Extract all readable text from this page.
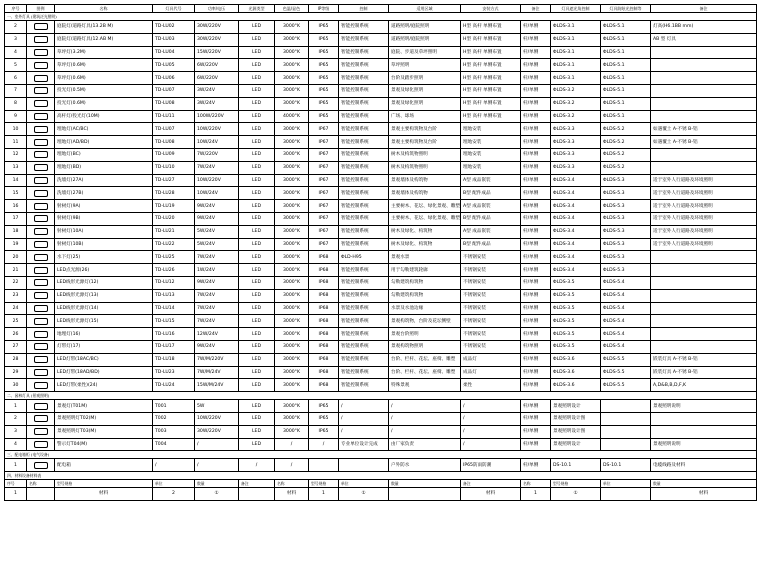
序号	图例	名称	灯具代号	功率/电压	光源类型	色温/显色	IP等级	控制	适用区域	安装方式	备注	灯具遮光角控制	灯具防眩光控制等	备注
一、室外灯具 (建筑泛光照明)														
2		庭院灯/道路灯具(13.2B M)	TD-LU02	30W/220V	LED	3000°K	IP65	智能控制系统	道路照明/庭院照明	H型 高杆 单侧布置	杆/单侧	ΦLDS-3.1	ΦLDS-5.1	灯高(H6.1BB mm)
3		庭院灯/道路灯具(12.AB M)	TD-LU03	30W/220V	LED	3000°K	IP65	智能控制系统	道路照明/庭院照明	H型 高杆 单侧布置	杆/单侧	ΦLDS-3.1	ΦLDS-5.1	AB 型 灯具
4		草坪灯(3.2M)	TD-LU04	15W/220V	LED	3000°K	IP65	智能控制系统	庭院、步道及草坪照明	H型 高杆 单侧布置	杆/单侧	ΦLDS-3.1	ΦLDS-5.1	
5		草坪灯(0.6M)	TD-LU05	6W/220V	LED	3000°K	IP65	智能控制系统	草坪照明	H型 高杆 单侧布置	杆/单侧	ΦLDS-3.1	ΦLDS-5.1	
6		草坪灯(0.6M)	TD-LU06	6W/220V	LED	3000°K	IP65	智能控制系统	台阶及踏步照明	H型 高杆 单侧布置	杆/单侧	ΦLDS-3.1	ΦLDS-5.1	
7		投光灯(0.5M)	TD-LU07	3W/24V	LED	3000°K	IP65	智能控制系统	景观及绿化照明	H型 高杆 单侧布置	杆/单侧	ΦLDS-3.2	ΦLDS-5.1	
8		投光灯(0.6M)	TD-LU08	3W/24V	LED	3000°K	IP65	智能控制系统	景观及绿化照明	H型 高杆 单侧布置	杆/单侧	ΦLDS-3.2	ΦLDS-5.1	
9		高杆灯/投光灯(10M)	TD-LU11	100W/220V	LED	4000°K	IP65	智能控制系统	广场、球场	H型 高杆 单侧布置	杆/单侧	ΦLDS-3.2	ΦLDS-5.1	
10		埋地灯(AC/BC)	TD-LU07	10W/220V	LED	3000°K	IP67	智能控制系统	景观主要构筑物及台阶	埋地安装	杆/单侧	ΦLDS-3.3	ΦLDS-5.2	如遇覆土 A-不锈 B-铝
11		埋地灯(AD/BD)	TD-LU08	10W/24V	LED	3000°K	IP67	智能控制系统	景观主要构筑物及台阶	埋地安装	杆/单侧	ΦLDS-3.3	ΦLDS-5.2	如遇覆土 A-不锈 B-铝
12		埋地灯(BC)	TD-LU09	7W/220V	LED	3000°K	IP67	智能控制系统	树木及构筑物照明	埋地安装	杆/单侧	ΦLDS-3.3	ΦLDS-5.2	
13		埋地灯(BD)	TD-LU10	7W/24V	LED	3000°K	IP67	智能控制系统	树木及构筑物照明	埋地安装	杆/单侧	ΦLDS-3.3	ΦLDS-5.2	
14		洗墙灯(27A)	TD-LU27	10W/220V	LED	3000°K	IP67	智能控制系统	景观墙体及构筑物	A型 成品嵌装	杆/单侧	ΦLDS-3.4	ΦLDS-5.3	适于室外人行道路及环境照明
15		洗墙灯(27B)	TD-LU28	10W/24V	LED	3000°K	IP67	智能控制系统	景观墙体及构筑物	B型 配件成品	杆/单侧	ΦLDS-3.4	ΦLDS-5.3	适于室外人行道路及环境照明
16		射树灯(9A)	TD-LU19	9W/24V	LED	3000°K	IP67	智能控制系统	主要树木、花坛、绿化景观、雕塑	A型 成品嵌装	杆/单侧	ΦLDS-3.4	ΦLDS-5.3	适于室外人行道路及环境照明
17		射树灯(9B)	TD-LU20	9W/24V	LED	3000°K	IP67	智能控制系统	主要树木、花坛、绿化景观、雕塑	B型 配件成品	杆/单侧	ΦLDS-3.4	ΦLDS-5.3	适于室外人行道路及环境照明
18		射树灯(10A)	TD-LU21	5W/24V	LED	3000°K	IP67	智能控制系统	树木及绿化、构筑物	A型 成品嵌装	杆/单侧	ΦLDS-3.4	ΦLDS-5.3	适于室外人行道路及环境照明
19		射树灯(10B)	TD-LU22	5W/24V	LED	3000°K	IP67	智能控制系统	树木及绿化、构筑物	B型 配件成品	杆/单侧	ΦLDS-3.4	ΦLDS-5.3	适于室外人行道路及环境照明
20		水下灯(25)	TD-LU25	7W/24V	LED	3000°K	IP68	ΦLD-H95	景观水景	不锈钢安装	杆/单侧	ΦLDS-3.4	ΦLDS-5.3	
21		LED点光源(26)	TD-LU26	1W/24V	LED	3000°K	IP68	智能控制系统	用于勾勒建筑轮廓	不锈钢安装	杆/单侧	ΦLDS-3.4	ΦLDS-5.3	
22		LED线形光源灯(12)	TD-LU12	9W/24V	LED	3000°K	IP68	智能控制系统	勾勒建筑构筑物	不锈钢安装	杆/单侧	ΦLDS-3.5	ΦLDS-5.4	
23		LED线形光源灯(13)	TD-LU13	7W/24V	LED	3000°K	IP68	智能控制系统	勾勒建筑构筑物	不锈钢安装	杆/单侧	ΦLDS-3.5	ΦLDS-5.4	
24		LED线形光源灯(14)	TD-LU14	7W/24V	LED	3000°K	IP68	智能控制系统	水景及水池边缘	不锈钢安装	杆/单侧	ΦLDS-3.5	ΦLDS-5.4	
25		LED线形光源灯(15)	TD-LU15	7W/24V	LED	3000°K	IP68	智能控制系统	景观构筑物，台阶及花坛侧壁	不锈钢安装	杆/单侧	ΦLDS-3.5	ΦLDS-5.4	
26		地埋灯(16)	TD-LU16	12W/24V	LED	3000°K	IP68	智能控制系统	景观台阶照明	不锈钢安装	杆/单侧	ΦLDS-3.5	ΦLDS-5.4	
27		灯带灯(17)	TD-LU17	9W/24V	LED	3000°K	IP68	智能控制系统	景观构筑物照明	不锈钢安装	杆/单侧	ΦLDS-3.5	ΦLDS-5.4	
28		LED灯带(18AC/BC)	TD-LU18	7W/M/220V	LED	3000°K	IP68	智能控制系统	台阶、栏杆、花坛、座椅、雕塑	成品灯	杆/单侧	ΦLDS-3.6	ΦLDS-5.5	嵌装灯具 A-不锈 B-铝
29		LED灯带(18AD/BD)	TD-LU23	7W/M/24V	LED	3000°K	IP68	智能控制系统	台阶、栏杆、花坛、座椅、雕塑	成品灯	杆/单侧	ΦLDS-3.6	ΦLDS-5.5	嵌装灯具 A-不锈 B-铝
30		LED灯带(柔性)(24)	TD-LU24	15W/M/24V	LED	3000°K	IP68	智能控制系统	特殊景观	柔性	杆/单侧	ΦLDS-3.6	ΦLDS-5.5	A,D&B,B,D,F,K
二、园林灯具 (景观照明)														
1		景观灯(T01M)	T001	5W	LED	3000°K	IP65	/	/	/	杆/单侧	景观照明设计		景观照明说明
2		景观照明灯T02(M)	T002	10W/220V	LED	3000°K	IP65	/	/	/	杆/单侧	景观照明设计图		
3		景观照明灯T03(M)	T003	30W/220V	LED	3000°K	IP65	/	/	/	杆/单侧	景观照明设计图		
4		警示灯T04(M)	T004	/	LED	/	/	专业单位设计完成	由厂家负责	/	杆/单侧	景观照明设计		景观照明说明
三、配电箱柜 (电气设备)														
1		配电箱	/	/	/	/			户外防水	IP65防雨防潮	杆/单侧	DS-10.1	DS-10.1	电缆线路及材料
四、材料设备材料表														
序号	名称	型号规格	单位	数量	备注	名称	型号规格	单位	数量	备注	名称	型号规格	单位	数量
1		材料	2	①		材料	1	①		材料	1	①		材料
